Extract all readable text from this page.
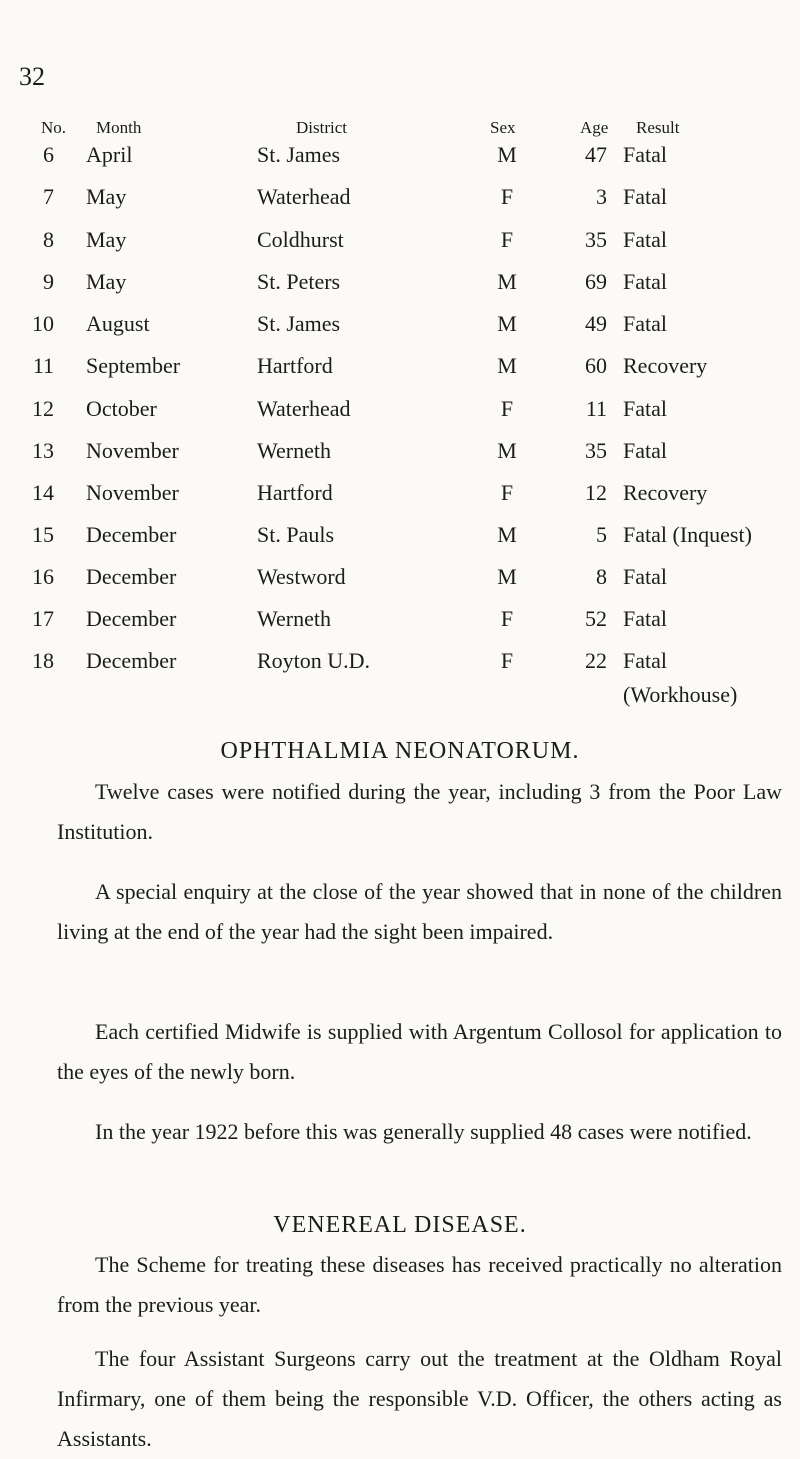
32
No. Month	District	Sex	Age Result
6 April	St. James	M	47 Fatal
7 May	Waterhead	F	3 Fatal
8 May	Coldhurst	F	35 Fatal
9 May	St. Peters	M	69 Fatal
10 August	St. James	M	49 Fatal
11 September	Hartford	M	60 Recovery
12 October	Waterhead	F	11 Fatal
13 November	Werneth	M	35 Fatal
14 November	Hartford	F	12 Recovery
15 December	St. Pauls	M	5 Fatal (Inquest)
16 December	Westword	M	8 Fatal
17 December	Werneth	F	52 Fatal
18 December	Royton U.D.	F	22 Fatal
(Workhouse)
OPHTHALMIA NEONATORUM.
Twelve cases were notified during the year, including 3 from the Poor Law Institution.
A special enquiry at the close of the year showed that in none of the children living at the end of the year had the sight been impaired.
Each certified Midwife is supplied with Argentum Collosol for application to the eyes of the newly born.
In the year 1922 before this was generally supplied 48 cases were notified.
VENEREAL DISEASE.
The Scheme for treating these diseases has received practically no alteration from the previous year.
The four Assistant Surgeons carry out the treatment at the Oldham Royal Infirmary, one of them being the responsible V.D. Officer, the others acting as Assistants.
